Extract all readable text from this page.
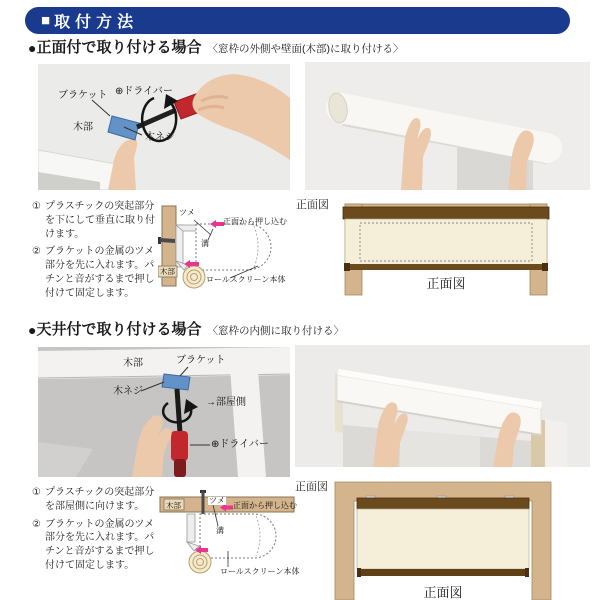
■ 取付方法
●正面付で取り付ける場合 〈窓枠の外側や壁面(木部)に取り付ける〉
ブラケット ⊕ドライバー
木部
木ネジ
① プラスチックの突起部分を下にして垂直に取り付けます。
② ブラケットの金属のツメ部分を先に入れます。パチンと音がするまで押し付けて固定します。
ツメ
正面から押し込む
溝
木部
ロールスクリーン本体
正面図
正面図
●天井付で取り付ける場合 〈窓枠の内側に取り付ける〉
木部	ブラケット
木ネジ
→部屋側
⊕ドライバー
① プラスチックの突起部分を部屋側に向けます。
② ブラケットの金属のツメ部分を先に入れます。パチンと音がするまで押し付けて固定します。
木部
ツメ
正面から押し込む
溝
ロールスクリーン本体
正面図
正面図
